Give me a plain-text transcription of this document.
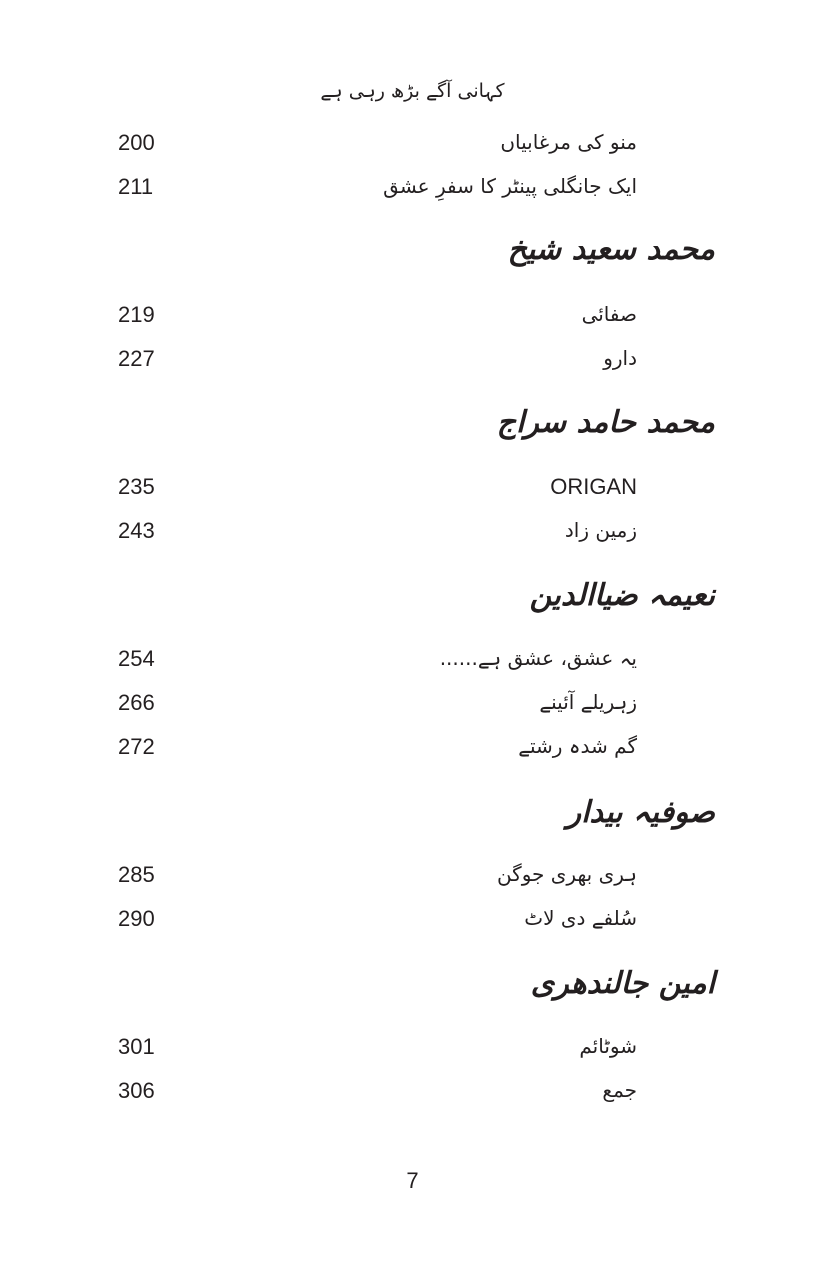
کہانی آگے بڑھ رہی ہے
200	منو کی مرغابیاں
211	ایک جانگلی پینٹر کا سفرِ عشق
محمد سعید شیخ
219	صفائی
227	دارو
محمد حامد سراج
235	ORIGAN
243	زمین زاد
نعیمہ ضیاالدین
254	یہ عشق، عشق ہے......
266	زہریلے آئینے
272	گم شدہ رشتے
صوفیہ بیدار
285	ہری بھری جوگن
290	سُلفے دی لاٹ
امین جالندھری
301	شوٹائم
306	جمع
7
